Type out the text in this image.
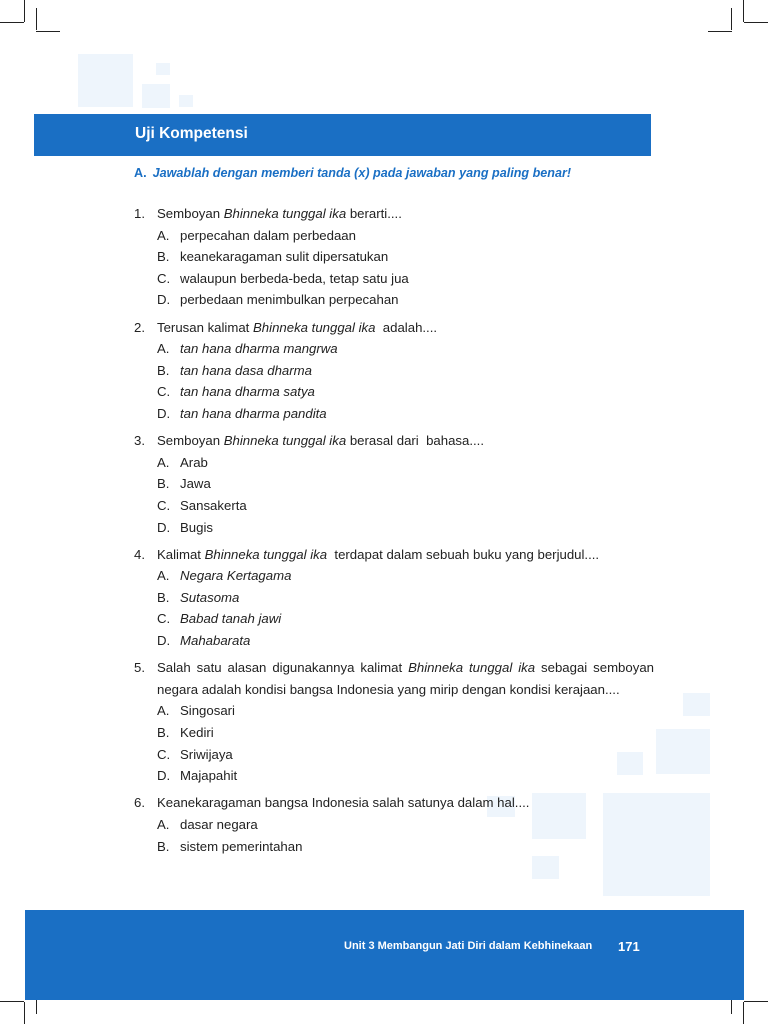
Uji Kompetensi
A. Jawablah dengan memberi tanda (x) pada jawaban yang paling benar!
1. Semboyan Bhinneka tunggal ika berarti....
A. perpecahan dalam perbedaan
B. keanekaragaman sulit dipersatukan
C. walaupun berbeda-beda, tetap satu jua
D. perbedaan menimbulkan perpecahan
2. Terusan kalimat Bhinneka tunggal ika  adalah....
A. tan hana dharma mangrwa
B. tan hana dasa dharma
C. tan hana dharma satya
D. tan hana dharma pandita
3. Semboyan Bhinneka tunggal ika berasal dari  bahasa....
A. Arab
B. Jawa
C. Sansakerta
D. Bugis
4. Kalimat Bhinneka tunggal ika  terdapat dalam sebuah buku yang berjudul....
A. Negara Kertagama
B. Sutasoma
C. Babad tanah jawi
D. Mahabarata
5. Salah satu alasan digunakannya kalimat Bhinneka tunggal ika sebagai semboyan negara adalah kondisi bangsa Indonesia yang mirip dengan kondisi kerajaan....
A. Singosari
B. Kediri
C. Sriwijaya
D. Majapahit
6. Keanekaragaman bangsa Indonesia salah satunya dalam hal....
A. dasar negara
B. sistem pemerintahan
Unit 3 Membangun Jati Diri dalam Kebhinekaan 171
